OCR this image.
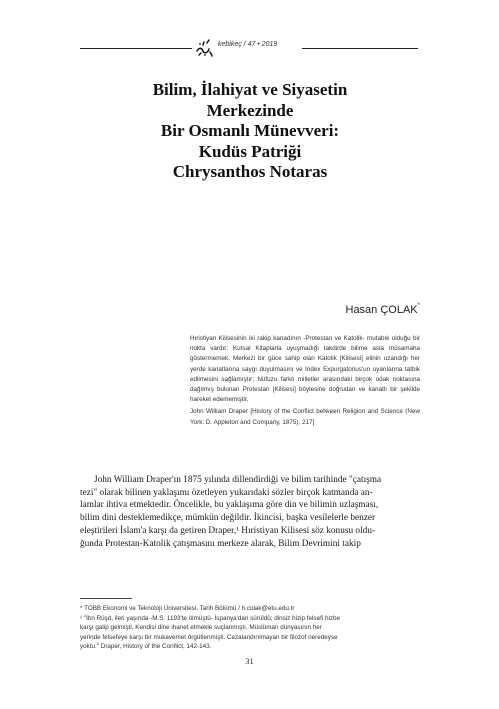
kebikeç / 47 • 2019
Bilim, İlahiyat ve Siyasetin
Merkezinde
Bir Osmanlı Münevveri:
Kudüs Patriği
Chrysanthos Notaras
Hasan ÇOLAK*
Hıristiyan Kilisesinin iki rakip kanadının -Protestan ve Katolik- mutabık olduğu bir nokta vardır: Kutsal Kitaplarla uyuşmadığı takdirde bilime asla müsamaha göstermemek. Merkezi bir güce sahip olan Katolik [Kilisesi] elinin uzandığı her yerde kanatlarına saygı duyulmasını ve Index Expurgatorius'un uyarılarına tatbik edilmesini sağlamıştır; Nüfuzu farklı milletler arasındaki birçok odak noktasına dağılmış bulunan Protestan [Kilisesi] böylesine doğrudan ve kanatlı bir şekilde hareket edememiştir.
John William Draper [History of the Conflict between Religion and Science (New York: D. Appleton and Company, 1875), 217]
John William Draper'ın 1875 yılında dillendirdiği ve bilim tarihinde "çatışma
tezi" olarak bilinen yaklaşımı özetleyen yukarıdaki sözler birçok katmanda an-
lamlar ihtiva etmektedir. Öncelikle, bu yaklaşıma göre din ve bilimin uzlaşması,
bilim dini desteklemedikçe, mümkün değildir. İkincisi, başka vesilelerle benzer
eleştirileri İslam'a karşı da getiren Draper,¹ Hıristiyan Kilisesi söz konusu oldu-
ğunda Protestan-Katolik çatışmasını merkeze alarak, Bilim Devrimini takip
* TOBB Ekonomi ve Teknoloji Üniversitesi, Tarih Bölümü / h.colak@etu.edu.tr
¹ "İbn Rüşd, ileri yaşında -M.S. 1193'te ölmüştü- İspanya'dan sürüldü; dinsiz hizip felsefi hizbe
karşı galip gelmişti. Kendisi dine ihanet etmekle suçlanmıştı. Müslüman dünyasının her
yerinde felsefeye karşı bir mukavemet örgütlenmişti. Cezalandırılmayan bir filozof neredeyse
yoktu." Draper, History of the Conflict, 142-143.
31
